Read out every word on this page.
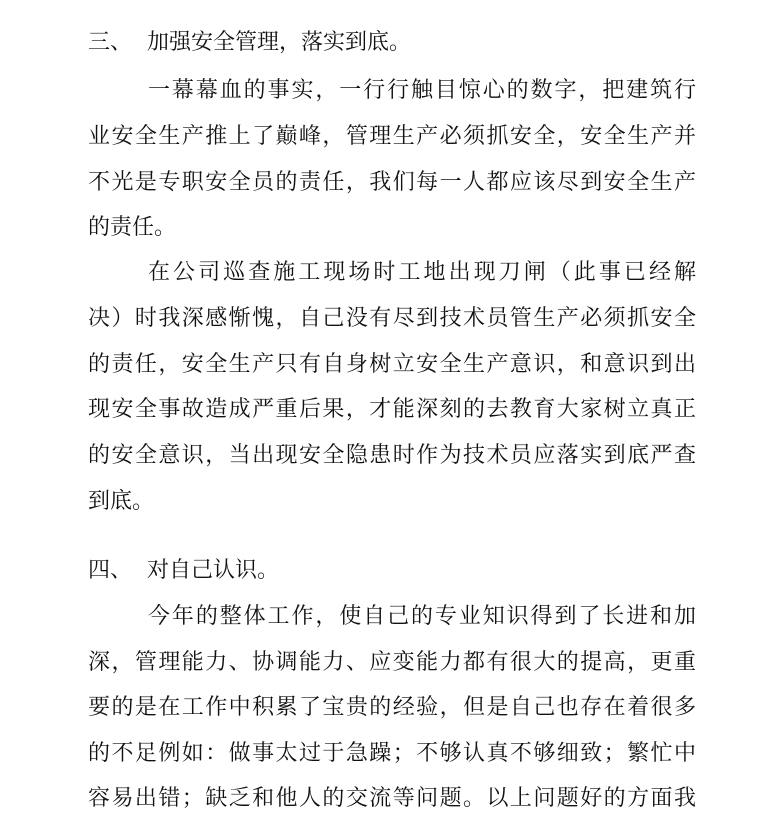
三、 加强安全管理，落实到底。
一幕幕血的事实，一行行触目惊心的数字，把建筑行
业安全生产推上了巅峰，管理生产必须抓安全，安全生产并
不光是专职安全员的责任，我们每一人都应该尽到安全生产
的责任。
在公司巡查施工现场时工地出现刀闸（此事已经解
决）时我深感惭愧，自己没有尽到技术员管生产必须抓安全
的责任，安全生产只有自身树立安全生产意识，和意识到出
现安全事故造成严重后果，才能深刻的去教育大家树立真正
的安全意识，当出现安全隐患时作为技术员应落实到底严查
到底。
四、 对自己认识。
今年的整体工作，使自己的专业知识得到了长进和加
深，管理能力、协调能力、应变能力都有很大的提高，更重
要的是在工作中积累了宝贵的经验，但是自己也存在着很多
的不足例如：做事太过于急躁；不够认真不够细致；繁忙中
容易出错；缺乏和他人的交流等问题。以上问题好的方面我
